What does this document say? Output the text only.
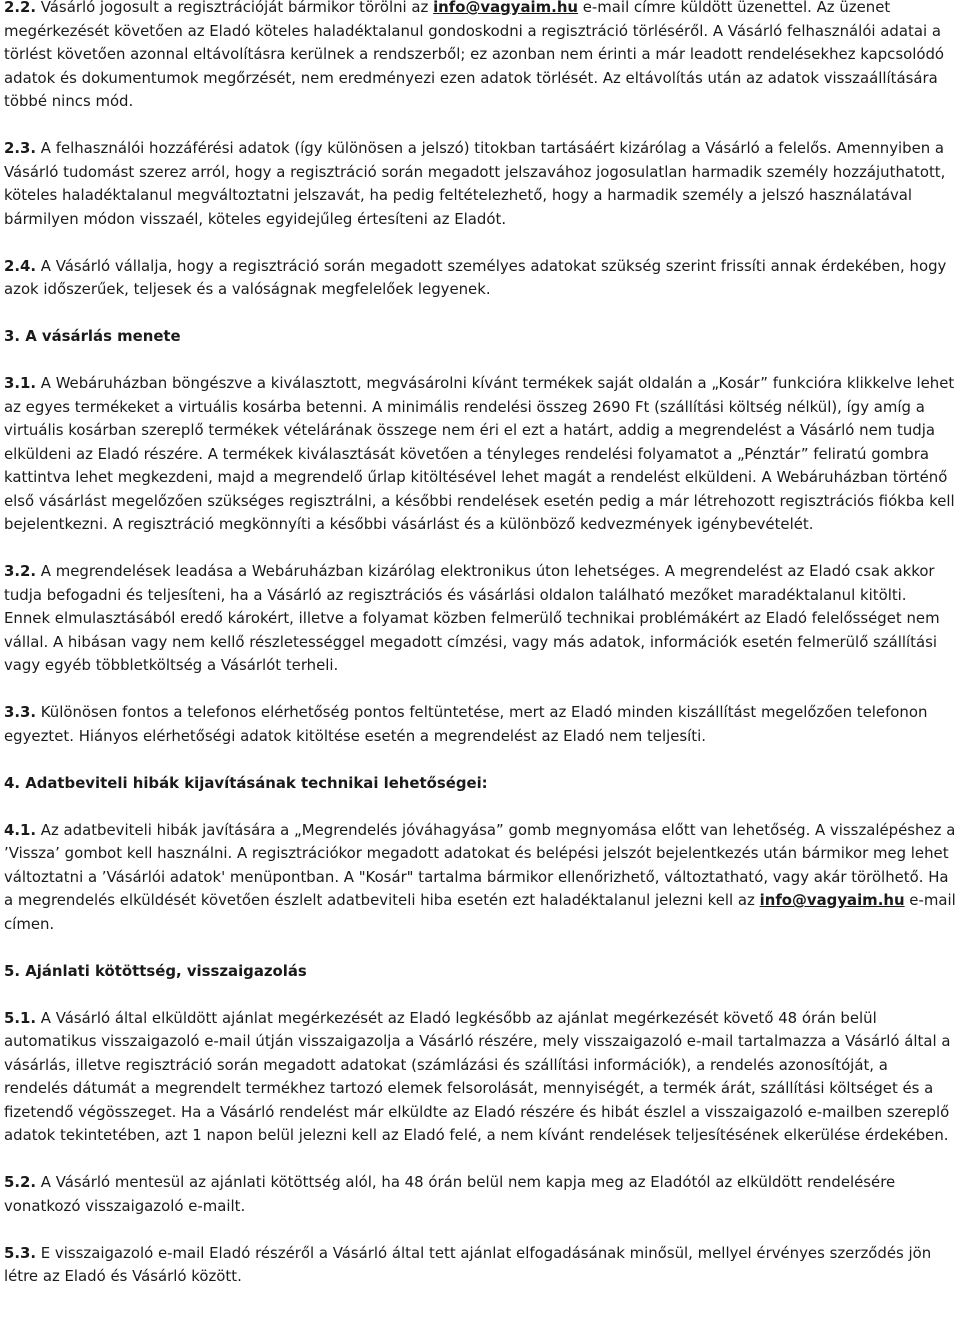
2.2. Vásárló jogosult a regisztrációját bármikor törölni az info@vagyaim.hu e-mail címre küldött üzenettel. Az üzenet megérkezését követően az Eladó köteles haladéktalanul gondoskodni a regisztráció törléséről. A Vásárló felhasználói adatai a törlést követően azonnal eltávolításra kerülnek a rendszerből; ez azonban nem érinti a már leadott rendelésekhez kapcsolódó adatok és dokumentumok megőrzését, nem eredményezi ezen adatok törlését. Az eltávolítás után az adatok visszaállítására többé nincs mód.

2.3. A felhasználói hozzáférési adatok (így különösen a jelszó) titokban tartásáért kizárólag a Vásárló a felelős. Amennyiben a Vásárló tudomást szerez arról, hogy a regisztráció során megadott jelszavához jogosulatlan harmadik személy hozzájuthatott, köteles haladéktalanul megváltoztatni jelszavát, ha pedig feltételezhető, hogy a harmadik személy a jelszó használatával bármilyen módon visszaél, köteles egyidejűleg értesíteni az Eladót.

2.4. A Vásárló vállalja, hogy a regisztráció során megadott személyes adatokat szükség szerint frissíti annak érdekében, hogy azok időszerűek, teljesek és a valóságnak megfelelőek legyenek.

3. A vásárlás menete

3.1. A Webáruházban böngészve a kiválasztott, megvásárolni kívánt termékek saját oldalán a „Kosár” funkcióra klikkelve lehet az egyes termékeket a virtuális kosárba betenni. A minimális rendelési összeg 2690 Ft (szállítási költség nélkül), így amíg a virtuális kosárban szereplő termékek vételárának összege nem éri el ezt a határt, addig a megrendelést a Vásárló nem tudja elküldeni az Eladó részére. A termékek kiválasztását követően a tényleges rendelési folyamatot a „Pénztár” feliratú gombra kattintva lehet megkezdeni, majd a megrendelő űrlap kitöltésével lehet magát a rendelést elküldeni. A Webáruházban történő első vásárlást megelőzően szükséges regisztrálni, a későbbi rendelések esetén pedig a már létrehozott regisztrációs fiókba kell bejelentkezni. A regisztráció megkönnyíti a későbbi vásárlást és a különböző kedvezmények igénybevételét.

3.2. A megrendelések leadása a Webáruházban kizárólag elektronikus úton lehetséges. A megrendelést az Eladó csak akkor tudja befogadni és teljesíteni, ha a Vásárló az regisztrációs és vásárlási oldalon található mezőket maradéktalanul kitölti. Ennek elmulasztásából eredő károkért, illetve a folyamat közben felmerülő technikai problémákért az Eladó felelősséget nem vállal. A hibásan vagy nem kellő részletességgel megadott címzési, vagy más adatok, információk esetén felmerülő szállítási vagy egyéb többletköltség a Vásárlót terheli.

3.3. Különösen fontos a telefonos elérhetőség pontos feltüntetése, mert az Eladó minden kiszállítást megelőzően telefonon egyeztet. Hiányos elérhetőségi adatok kitöltése esetén a megrendelést az Eladó nem teljesíti.

4. Adatbeviteli hibák kijavításának technikai lehetőségei:

4.1. Az adatbeviteli hibák javítására a „Megrendelés jóváhagyása” gomb megnyomása előtt van lehetőség. A visszalépéshez a ’Vissza’ gombot kell használni. A regisztrációkor megadott adatokat és belépési jelszót bejelentkezés után bármikor meg lehet változtatni a ’Vásárlói adatok' menüpontban. A "Kosár" tartalma bármikor ellenőrizhető, változtatható, vagy akár törölhető. Ha a megrendelés elküldését követően észlelt adatbeviteli hiba esetén ezt haladéktalanul jelezni kell az info@vagyaim.hu e-mail címen.

5. Ajánlati kötöttség, visszaigazolás

5.1. A Vásárló által elküldött ajánlat megérkezését az Eladó legkésőbb az ajánlat megérkezését követő 48 órán belül automatikus visszaigazoló e-mail útján visszaigazolja a Vásárló részére, mely visszaigazoló e-mail tartalmazza a Vásárló által a vásárlás, illetve regisztráció során megadott adatokat (számlázási és szállítási információk), a rendelés azonosítóját, a rendelés dátumát a megrendelt termékhez tartozó elemek felsorolását, mennyiségét, a termék árát, szállítási költséget és a fizetendő végösszeget. Ha a Vásárló rendelést már elküldte az Eladó részére és hibát észlel a visszaigazoló e-mailben szereplő adatok tekintetében, azt 1 napon belül jelezni kell az Eladó felé, a nem kívánt rendelések teljesítésének elkerülése érdekében.

5.2. A Vásárló mentesül az ajánlati kötöttség alól, ha 48 órán belül nem kapja meg az Eladótól az elküldött rendelésére vonatkozó visszaigazoló e-mailt.

5.3. E visszaigazoló e-mail Eladó részéről a Vásárló által tett ajánlat elfogadásának minősül, mellyel érvényes szerződés jön létre az Eladó és Vásárló között.
